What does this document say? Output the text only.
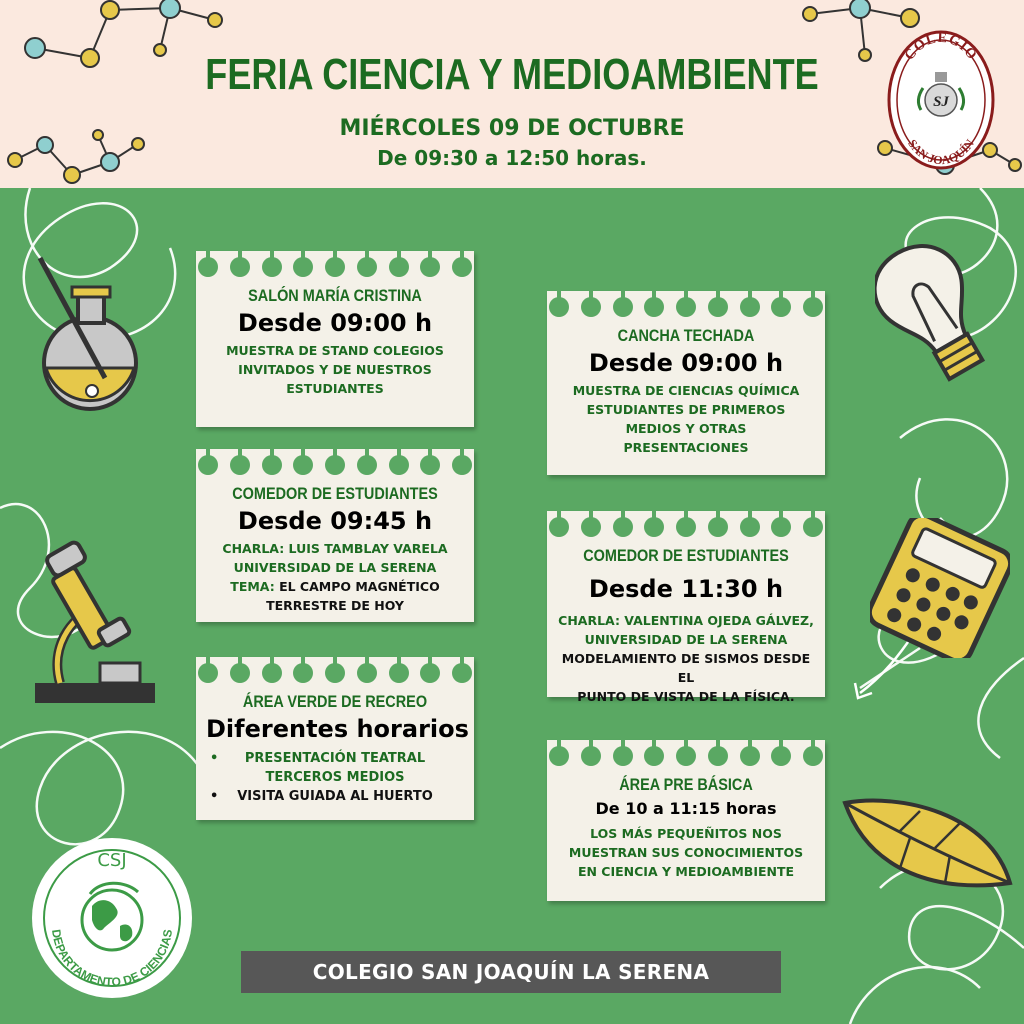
FERIA CIENCIA Y MEDIOAMBIENTE
MIÉRCOLES 09 DE OCTUBRE
De 09:30 a 12:50 horas.
COLEGIO
SAN JOAQUÍN
SJ
CSJ
DEPARTAMENTO DE CIENCIAS

SALÓN MARÍA CRISTINA

Desde 09:00 h

MUESTRA DE STAND COLEGIOS
INVITADOS Y DE NUESTROS
ESTUDIANTES

COMEDOR DE ESTUDIANTES

Desde 09:45 h

CHARLA: LUIS TAMBLAY VARELA
UNIVERSIDAD DE LA SERENA
TEMA: EL CAMPO MAGNÉTICO
TERRESTRE DE HOY

ÁREA VERDE DE RECREO

Diferentes horarios

• PRESENTACIÓN TEATRAL
TERCEROS MEDIOS
• VISITA GUIADA AL HUERTO

CANCHA TECHADA

Desde 09:00 h

MUESTRA DE CIENCIAS QUÍMICA
ESTUDIANTES DE PRIMEROS
MEDIOS Y OTRAS
PRESENTACIONES

COMEDOR DE ESTUDIANTES

Desde 11:30 h

CHARLA: VALENTINA OJEDA GÁLVEZ,
UNIVERSIDAD DE LA SERENA
MODELAMIENTO DE SISMOS DESDE EL
PUNTO DE VISTA DE LA FÍSICA.

ÁREA PRE BÁSICA

De 10 a 11:15 horas

LOS MÁS PEQUEÑITOS NOS
MUESTRAN SUS CONOCIMIENTOS
EN CIENCIA Y MEDIOAMBIENTE

COLEGIO SAN JOAQUÍN LA SERENA
